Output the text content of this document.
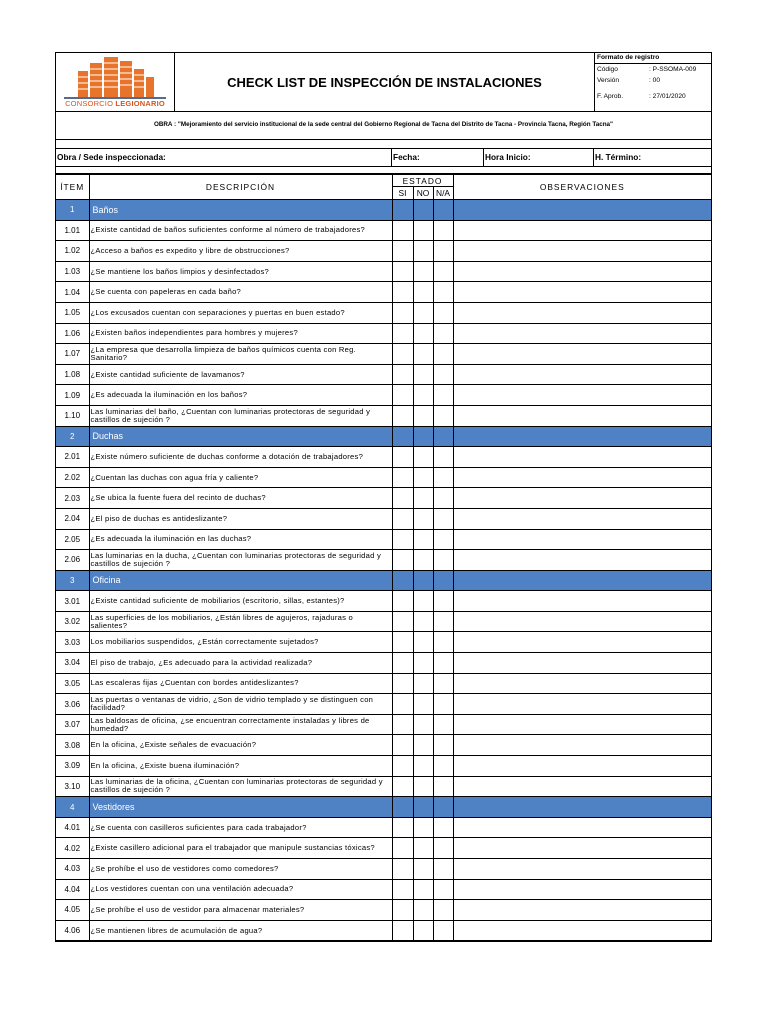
CONSORCIO LEGIONARIO
CHECK LIST DE INSPECCIÓN DE INSTALACIONES
Formato de registro
Código	: P-SSOMA-009
Versión	: 00
F. Aprob.	: 27/01/2020
OBRA : "Mejoramiento del servicio institucional de la sede central del Gobierno Regional de Tacna del Distrito de Tacna - Provincia Tacna, Región Tacna"
Obra / Sede inspeccionada:	Fecha:	Hora Inicio:	H. Término:
ÍTEM	DESCRIPCIÓN	ESTADO			OBSERVACIONES
		SI	NO	N/A	
1	Baños				
1.01	¿Existe cantidad de baños suficientes conforme al número de trabajadores?				
1.02	¿Acceso a baños es expedito y libre de obstrucciones?				
1.03	¿Se mantiene los baños limpios y desinfectados?				
1.04	¿Se cuenta con papeleras en cada baño?				
1.05	¿Los excusados cuentan con separaciones y puertas en buen estado?				
1.06	¿Existen baños independientes para hombres y mujeres?				
1.07	¿La empresa que desarrolla limpieza de baños químicos cuenta con Reg. Sanitario?				
1.08	¿Existe cantidad suficiente de lavamanos?				
1.09	¿Es adecuada la iluminación en los baños?				
1.10	Las luminarias del baño, ¿Cuentan con luminarias protectoras de seguridad y castillos de sujeción ?				
2	Duchas				
2.01	¿Existe número suficiente de duchas conforme a dotación de trabajadores?				
2.02	¿Cuentan las duchas con agua fría y caliente?				
2.03	¿Se ubica la fuente fuera del recinto de duchas?				
2.04	¿El piso de duchas es antideslizante?				
2.05	¿Es adecuada la iluminación en las duchas?				
2.06	Las luminarias en la ducha, ¿Cuentan con luminarias protectoras de seguridad y castillos de sujeción ?				
3	Oficina				
3.01	¿Existe cantidad suficiente de mobiliarios (escritorio, sillas, estantes)?				
3.02	Las superficies de los mobiliarios, ¿Están libres de agujeros, rajaduras o salientes?				
3.03	Los mobiliarios suspendidos, ¿Están correctamente sujetados?				
3.04	El piso de trabajo, ¿Es adecuado para la actividad realizada?				
3.05	Las escaleras fijas ¿Cuentan con bordes antideslizantes?				
3.06	Las puertas o ventanas de vidrio, ¿Son de vidrio templado y se distinguen con facilidad?				
3.07	Las baldosas de oficina, ¿se encuentran correctamente instaladas y libres de humedad?				
3.08	En la oficina, ¿Existe señales de evacuación?				
3.09	En la oficina, ¿Existe buena iluminación?				
3.10	Las luminarias de la oficina, ¿Cuentan con luminarias protectoras de seguridad y castillos de sujeción ?				
4	Vestidores				
4.01	¿Se cuenta con casilleros suficientes para cada trabajador?				
4.02	¿Existe casillero adicional para el trabajador que manipule sustancias tóxicas?				
4.03	¿Se prohíbe el uso de vestidores como comedores?				
4.04	¿Los vestidores cuentan con una ventilación adecuada?				
4.05	¿Se prohíbe el uso de vestidor para almacenar materiales?				
4.06	¿Se mantienen libres de acumulación de agua?				
